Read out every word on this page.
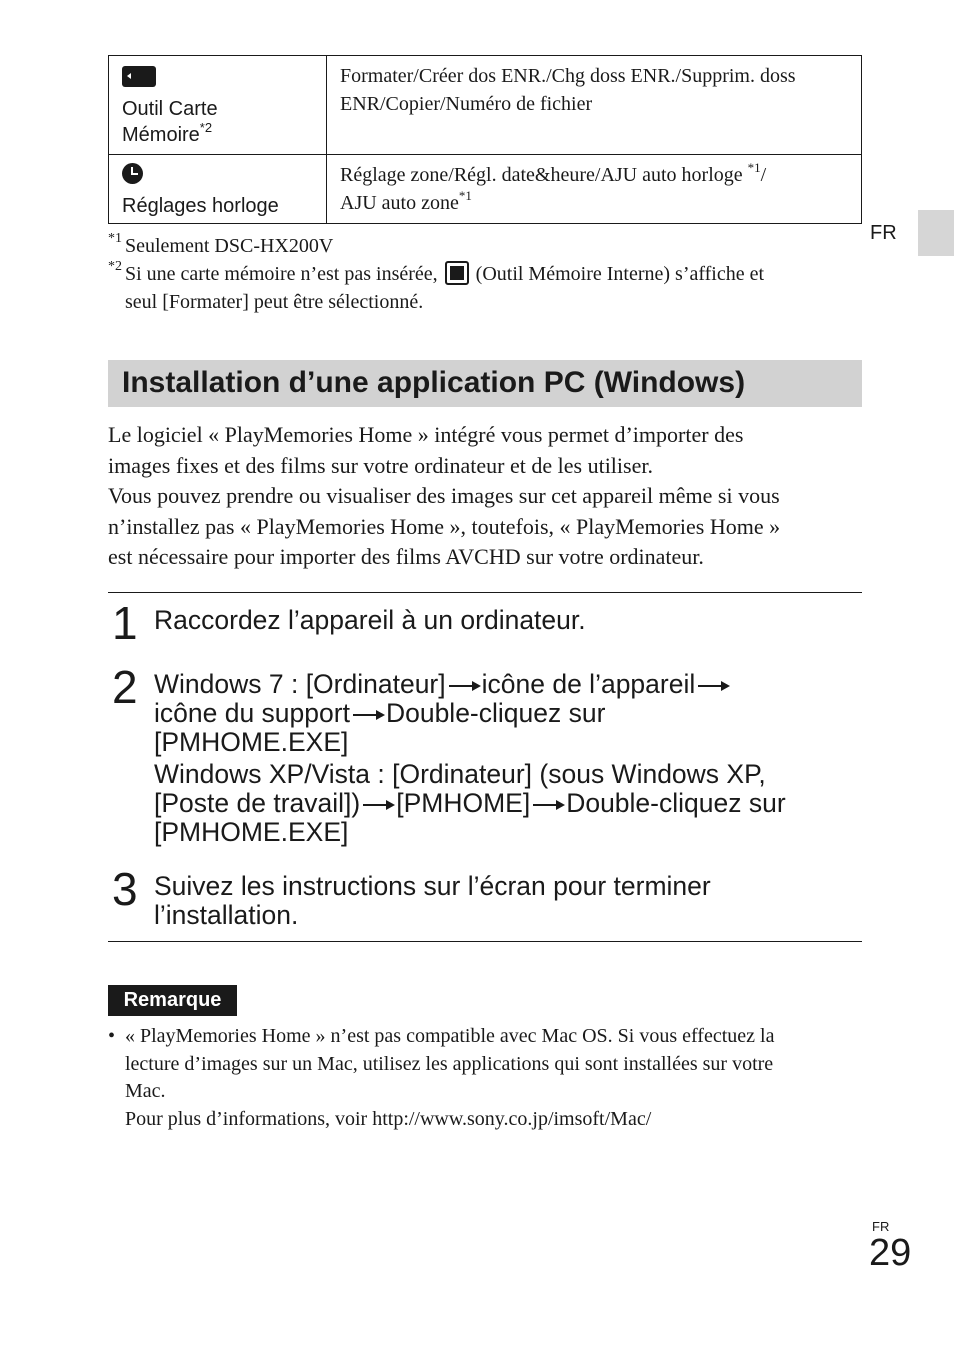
Outil Carte
Mémoire$^{*2}$	Formater/Créer dos ENR./Chg doss ENR./Supprim. doss
ENR/Copier/Numéro de fichier

Réglages horloge	Réglage zone/Régl. date&heure/AJU auto horloge $^{*1}$/
AJU auto zone$^{*1}$
FR
*1 Seulement DSC-HX200V
*2 Si une carte mémoire n’est pas insérée,  (Outil Mémoire Interne) s’affiche et
seul [Formater] peut être sélectionné.
Installation d’une application PC (Windows)

Le logiciel « PlayMemories Home » intégré vous permet d’importer des
images fixes et des films sur votre ordinateur et de les utiliser.

Vous pouvez prendre ou visualiser des images sur cet appareil même si vous
n’installez pas « PlayMemories Home », toutefois, « PlayMemories Home »
est nécessaire pour importer des films AVCHD sur votre ordinateur.

1 Raccordez l’appareil à un ordinateur.
2 Windows 7 : [Ordinateur] icône de l’appareil
icône du support Double-cliquez sur
[PMHOME.EXE]

Windows XP/Vista : [Ordinateur] (sous Windows XP,
[Poste de travail]) [PMHOME] Double-cliquez sur
[PMHOME.EXE]
3 Suivez les instructions sur l’écran pour terminer
l’installation.
Remarque
• « PlayMemories Home » n’est pas compatible avec Mac OS. Si vous effectuez la
lecture d’images sur un Mac, utilisez les applications qui sont installées sur votre
Mac.
Pour plus d’informations, voir http://www.sony.co.jp/imsoft/Mac/
FR
29
